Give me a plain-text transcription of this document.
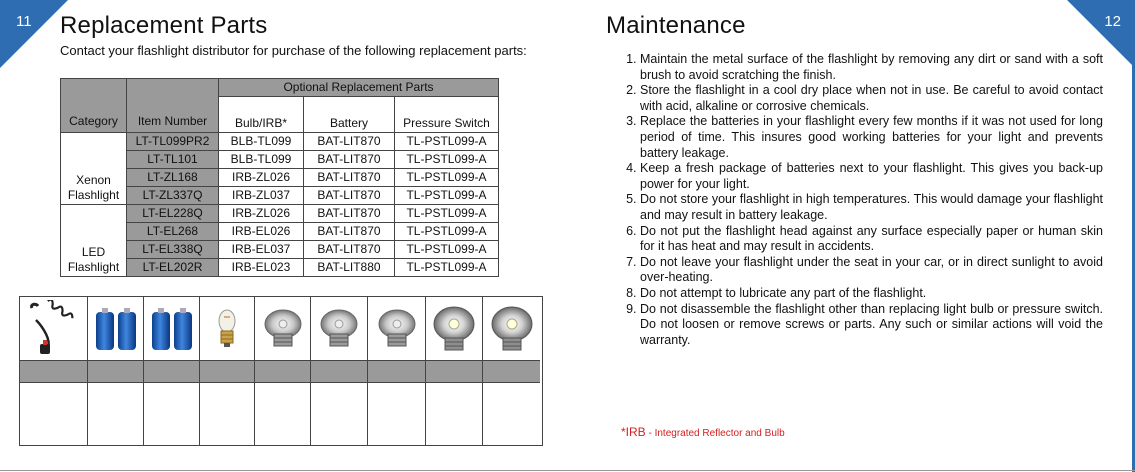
11	12
Replacement Parts
Contact your flashlight distributor for purchase of the following replacement parts:
Category	Item Number	Optional Replacement Parts		
		Bulb/IRB*	Battery	Pressure Switch

Xenon
Flashlight	LT-TL099PR2	BLB-TL099	BAT-LIT870	TL-PSTL099-A
	LT-TL101	BLB-TL099	BAT-LIT870	TL-PSTL099-A
	LT-ZL168	IRB-ZL026	BAT-LIT870	TL-PSTL099-A
	LT-ZL337Q	IRB-ZL037	BAT-LIT870	TL-PSTL099-A

LED
Flashlight	LT-EL228Q	IRB-ZL026	BAT-LIT870	TL-PSTL099-A
	LT-EL268	IRB-EL026	BAT-LIT870	TL-PSTL099-A
	LT-EL338Q	IRB-EL037	BAT-LIT870	TL-PSTL099-A
	LT-EL202R	IRB-EL023	BAT-LIT880	TL-PSTL099-A
Maintenance
1. Maintain the metal surface of the flashlight by removing any dirt or sand with a soft brush to avoid scratching the finish.
2. Store the flashlight in a cool dry place when not in use. Be careful to avoid contact with acid, alkaline or corrosive chemicals.
3. Replace the batteries in your flashlight every few months if it was not used for long period of time. This insures good working batteries for your light and prevents battery leakage.
4. Keep a fresh package of batteries next to your flashlight. This gives you back-up power for your light.
5. Do not store your flashlight in high temperatures. This would damage your flashlight and may result in battery leakage.
6. Do not put the flashlight head against any surface especially paper or human skin for it has heat and may result in accidents.
7. Do not leave your flashlight under the seat in your car, or in direct sunlight to avoid over-heating.
8. Do not attempt to lubricate any part of the flashlight.
9. Do not disassemble the flashlight other than replacing light bulb or pressure switch. Do not loosen or remove screws or parts. Any such or similar actions will void the warranty.
*IRB - Integrated Reflector and Bulb
